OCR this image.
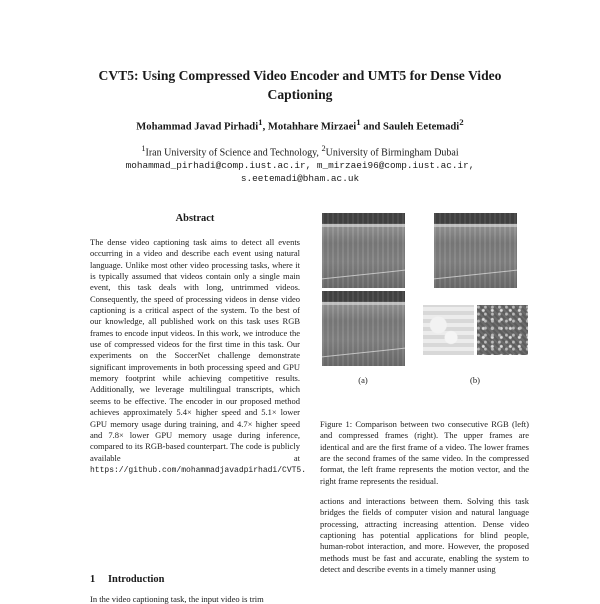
CVT5: Using Compressed Video Encoder and UMT5 for Dense Video
Captioning
Mohammad Javad Pirhadi$^1$, Motahhare Mirzaei$^1$ and Sauleh Eetemadi$^2$
$^1$Iran University of Science and Technology, $^2$University of Birmingham Dubai
mohammad_pirhadi@comp.iust.ac.ir, m_mirzaei96@comp.iust.ac.ir,
s.eetemadi@bham.ac.uk
Abstract
The dense video captioning task aims to detect all events occurring in a video and describe each event using natural language. Unlike most other video processing tasks, where it is typically assumed that videos contain only a single main event, this task deals with long, untrimmed videos. Consequently, the speed of processing videos in dense video captioning is a critical aspect of the system. To the best of our knowledge, all published work on this task uses RGB frames to encode input videos. In this work, we introduce the use of compressed videos for the first time in this task. Our experiments on the SoccerNet challenge demonstrate significant improvements in both processing speed and GPU memory footprint while achieving competitive results. Additionally, we leverage multilingual transcripts, which seems to be effective. The encoder in our proposed method achieves approximately 5.4× higher speed and 5.1× lower GPU memory usage during training, and 4.7× higher speed and 7.8× lower GPU memory usage during inference, compared to its RGB-based counterpart. The code is publicly available at https://github.com/mohammadjavadpirhadi/CVT5.
1 Introduction
In the video captioning task, the input video is trim
(a)	(b)
Figure 1: Comparison between two consecutive RGB (left) and compressed frames (right). The upper frames are identical and are the first frame of a video. The lower frames are the second frames of the same video. In the compressed format, the left frame represents the motion vector, and the right frame represents the residual.
actions and interactions between them. Solving this task bridges the fields of computer vision and natural language processing, attracting increasing attention. Dense video captioning has potential applications for blind people, human-robot interaction, and more. However, the proposed methods must be fast and accurate, enabling the system to detect and describe events in a timely manner using
